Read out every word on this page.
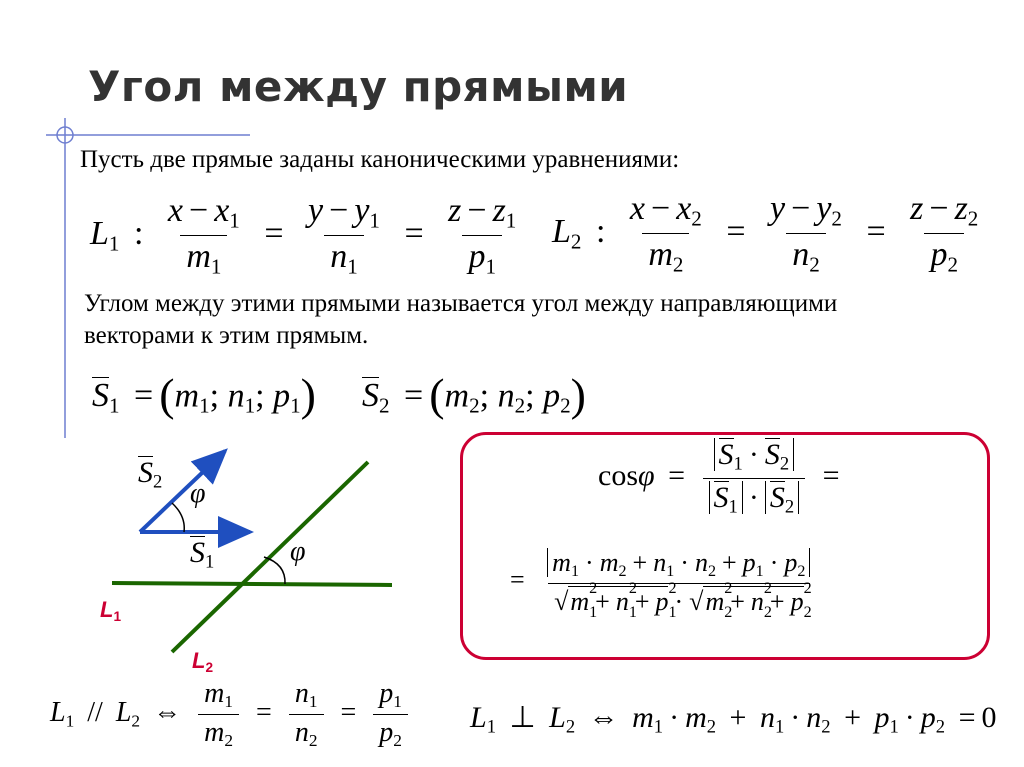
Угол между прямыми
Пусть две прямые заданы каноническими уравнениями:
$L_1$ : $\frac{x - x_1}{m_1} = \frac{y - y_1}{n_1} = \frac{z - z_1}{p_1} L_2$ : $\frac{x - x_2}{m_2} = \frac{y - y_2}{n_2} = \frac{z - z_2}{p_2}$
Углом между этими прямыми называется угол между направляющими
векторами к этим прямым.
$S_1 = (m_1$; $n_1$; $p_1$) $S_2 = (m_2$; $n_2$; $p_2$)
φ
φ
$S_2$
$S_1$
$L_1$
$L_2$
$\cos\varphi = \frac{S_1 \cdot S_2}{S_1 \cdot S_2}$ =
= $m_1 \cdot m_2 + n_1 \cdot n_2 + p_1 \cdot p_2$
√m 2
1
+ n 2
1
+ p 2
1
· √m 2
2
+ n 2
2
+ p 2
2
$L_1 // L_2$ ⇔ $\frac{m_1}{m_2} = \frac{n_1}{n_2} = \frac{p_1}{p_2} L_1$ ⊥ $L_2$ ⇔ $m_1 \cdot m_2 + n_1 \cdot n_2 + p_1 \cdot p_2 = 0$
